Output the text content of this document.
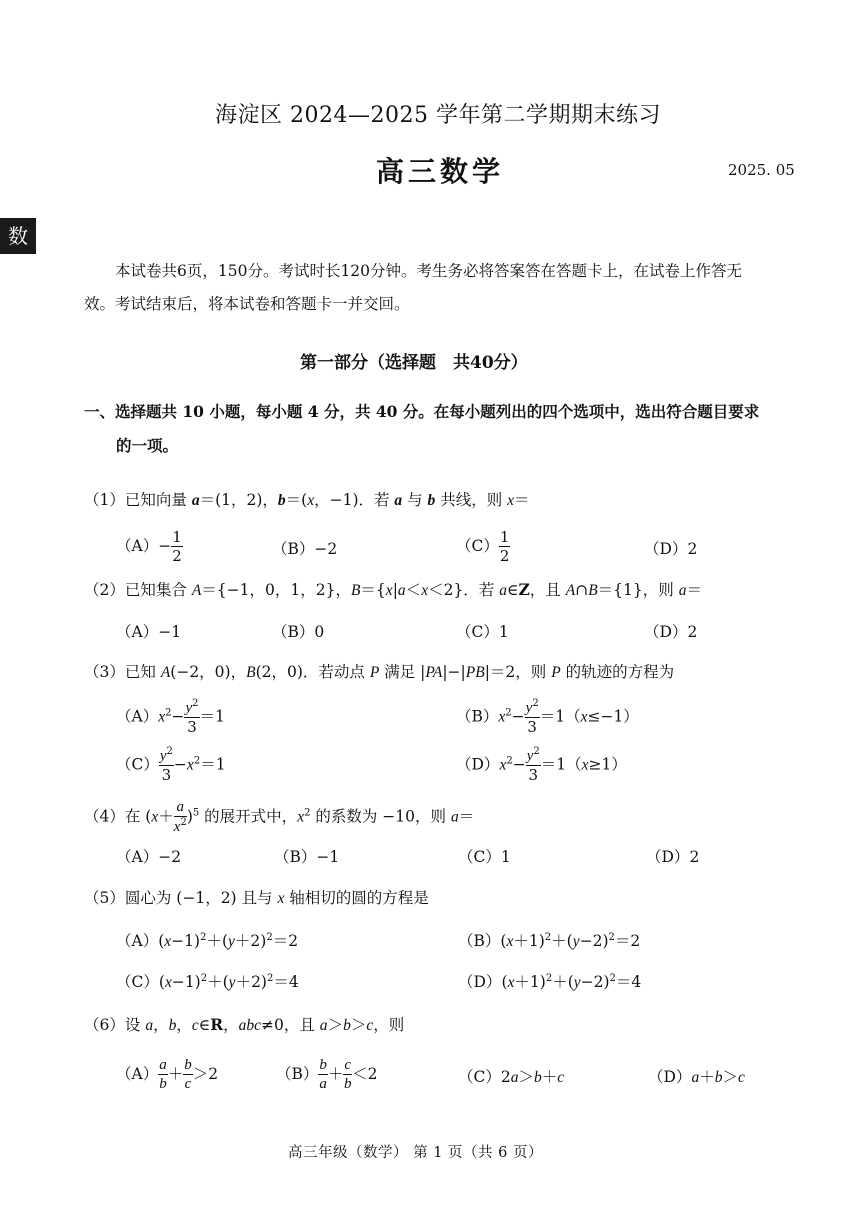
海淀区 2024—2025 学年第二学期期末练习
高三数学	2025. 05
数
本试卷共6页，150分。考试时长120分钟。考生务必将答案答在答题卡上，在试卷上作答无
效。考试结束后，将本试卷和答题卡一并交回。
第一部分（选择题　共40分）
一、选择题共 10 小题，每小题 4 分，共 40 分。在每小题列出的四个选项中，选出符合题目要求
的一项。
（1）已知向量 a＝(1，2)，b＝(x，−1)．若 a 与 b 共线，则 x＝
$(A)- \frac{1}{2}$	（B）−2	$(C) \frac{1}{2}$	（D）2
（2）已知集合 A＝{−1，0，1，2}，B＝{x|a＜x＜2}．若 a∈Z，且 A∩B＝{1}，则 a＝
（A）−1	（B）0	（C）1	（D）2
（3）已知 A(−2，0)，B(2，0)．若动点 P 满足 |PA|−|PB|＝2，则 P 的轨迹的方程为
$(A)x^2- \frac{y^2}{3} =1$	$(B)x^2- \frac{y^2}{3} =1(x\le-1)$
$(C) \frac{y^2}{3} -x^2=1$	$(D)x^2- \frac{y^2}{3} =1(x\ge 1)$
（4）在 $(x+ \frac{a}{x^2} )^5$ 的展开式中，$x^2$ 的系数为 −10，则 a＝
（A）−2	（B）−1	（C）1	（D）2
（5）圆心为 (−1，2) 且与 x 轴相切的圆的方程是
$(A)(x-1)^2+(y+2)^2=2$	$(B)(x+1)^2+(y-2)^2=2$
$(C)(x-1)^2+(y+2)^2=4$	$(D)(x+1)^2+(y-2)^2=4$
（6）设 a，b，c∈R，abc≠0，且 a＞b＞c，则
$(A) \frac{a}{b} + \frac{b}{c} >2$	$(B) \frac{b}{a} + \frac{c}{b} <2$	（C）2a＞b＋c	（D）a＋b＞c
高三年级（数学） 第 1 页（共 6 页）
